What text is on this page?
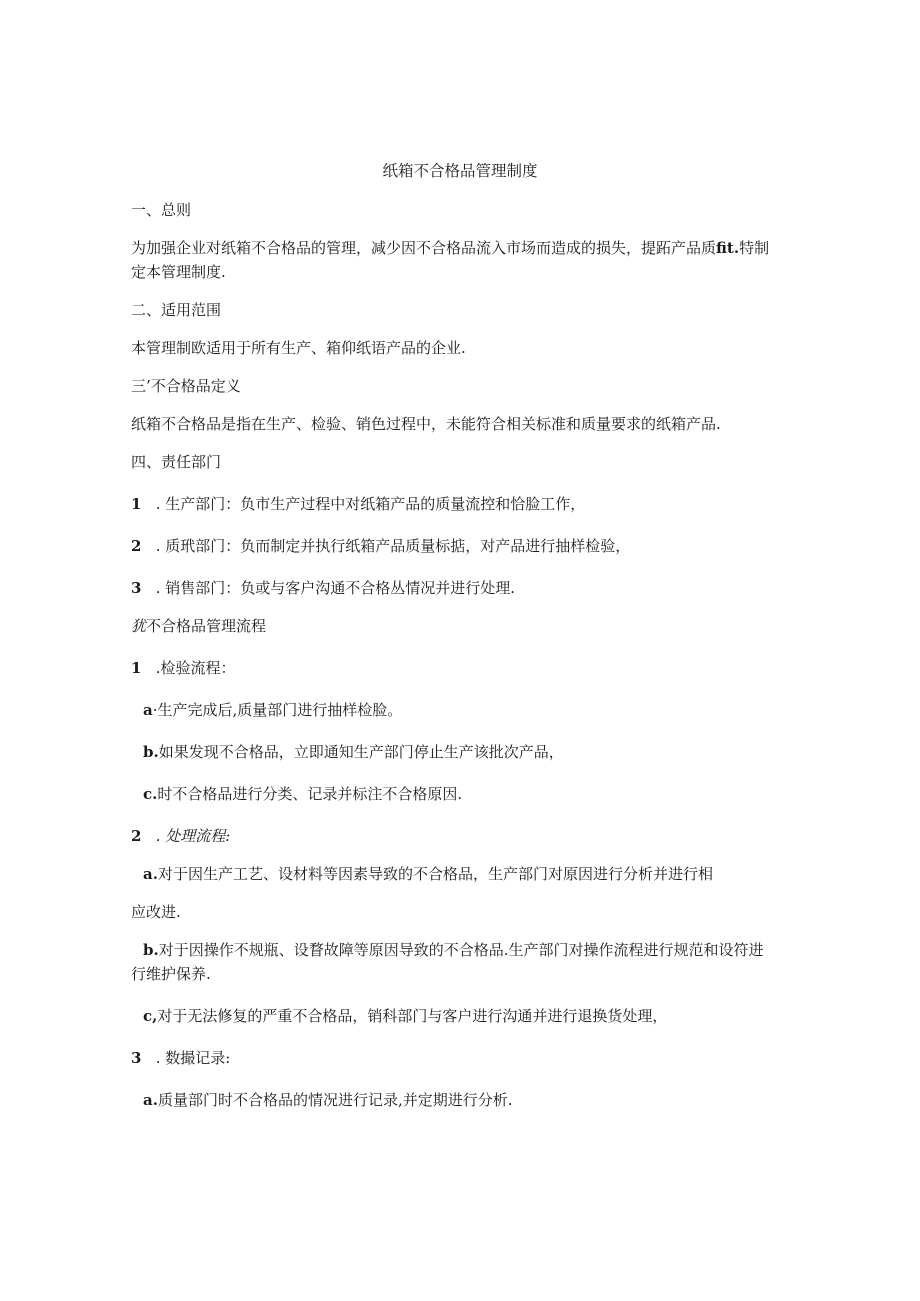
纸箱不合格品管理制度
一、总则
为加强企业对纸箱不合格品的管理，减少因不合格品流入市场而造成的损失，提跖产品质fit.特制
定本管理制度.
二、适用范围
本管理制欧适用于所有生产、箱仰纸语产品的企业.
三’不合格品定义
纸箱不合格品是指在生产、检验、销色过程中，未能符合相关标准和质量要求的纸箱产品.
四、责任部门
1 . 生产部门：负市生产过程中对纸箱产品的质量流控和恰脸工作，
2 . 质玳部门：负而制定并执行纸箱产品质量标掂，对产品进行抽样检验，
3 . 销售部门：负或与客户沟通不合格丛情况并进行处理.
犹不合格品管理流程
1 .检验流程：
a·生产完成后,质量部门进行抽样检脸。
b.如果发现不合格品，立即通知生产部门停止生产该批次产品，
c.时不合格品进行分类、记录并标注不合格原因.
2 . 处理流程:
a.对于因生产工艺、设材料等因素导致的不合格品，生产部门对原因进行分析并进行相
应改进.
b.对于因操作不规瓶、设瞀故障等原因导致的不合格品.生产部门对操作流程进行规范和设符进
行维护保养.
c,对于无法修复的严重不合格品，销科部门与客户进行沟通并进行退换货处理，
3 . 数撮记录:
a.质量部门时不合格品的情况进行记录,并定期进行分析.
